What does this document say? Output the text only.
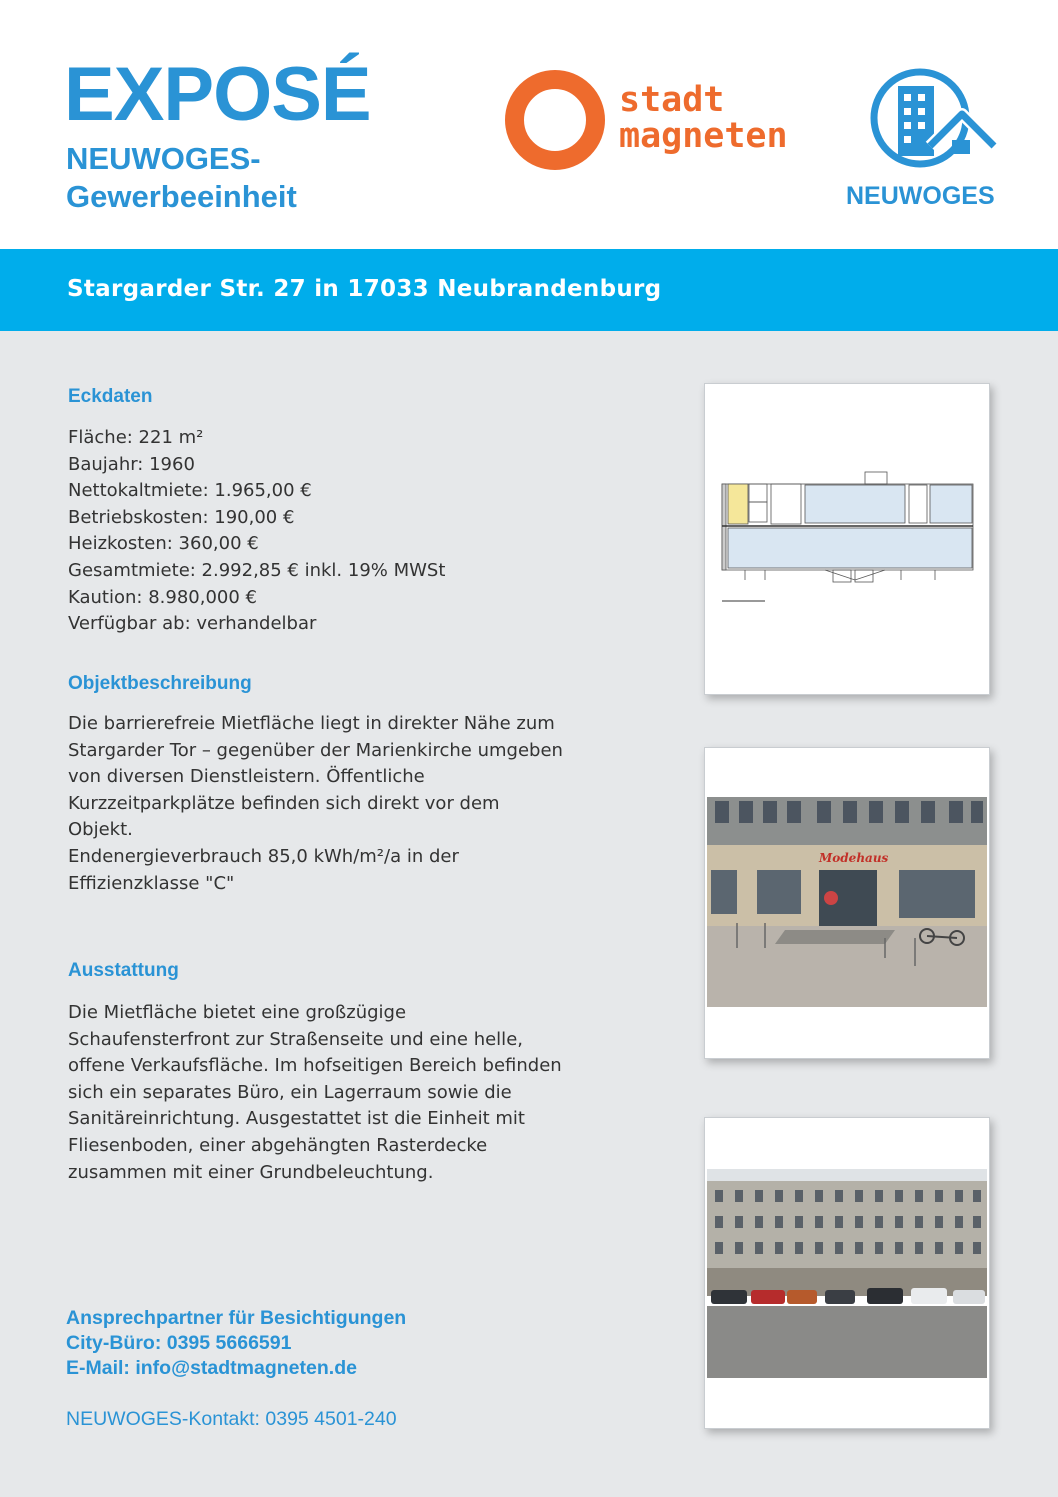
EXPOSÉ
NEUWOGES-
Gewerbeeinheit
stadt
magneten
NEUWOGES
Stargarder Str. 27 in 17033 Neubrandenburg
Eckdaten
Fläche: 221 m²
Baujahr: 1960
Nettokaltmiete: 1.965,00 €
Betriebskosten: 190,00 €
Heizkosten: 360,00 €
Gesamtmiete: 2.992,85 € inkl. 19% MWSt
Kaution: 8.980,000 €
Verfügbar ab: verhandelbar
Objektbeschreibung
Die barrierefreie Mietfläche liegt in direkter Nähe zum
Stargarder Tor – gegenüber der Marienkirche umgeben
von diversen Dienstleistern. Öffentliche
Kurzzeitparkplätze befinden sich direkt vor dem
Objekt.
Endenergieverbrauch 85,0 kWh/m²/a in der
Effizienzklasse "C"
Ausstattung
Die Mietfläche bietet eine großzügige
Schaufensterfront zur Straßenseite und eine helle,
offene Verkaufsfläche. Im hofseitigen Bereich befinden
sich ein separates Büro, ein Lagerraum sowie die
Sanitäreinrichtung. Ausgestattet ist die Einheit mit
Fliesenboden, einer abgehängten Rasterdecke
zusammen mit einer Grundbeleuchtung.
Ansprechpartner für Besichtigungen
City-Büro: 0395 5666591
E-Mail: info@stadtmagneten.de
NEUWOGES-Kontakt: 0395 4501-240
Modehaus
